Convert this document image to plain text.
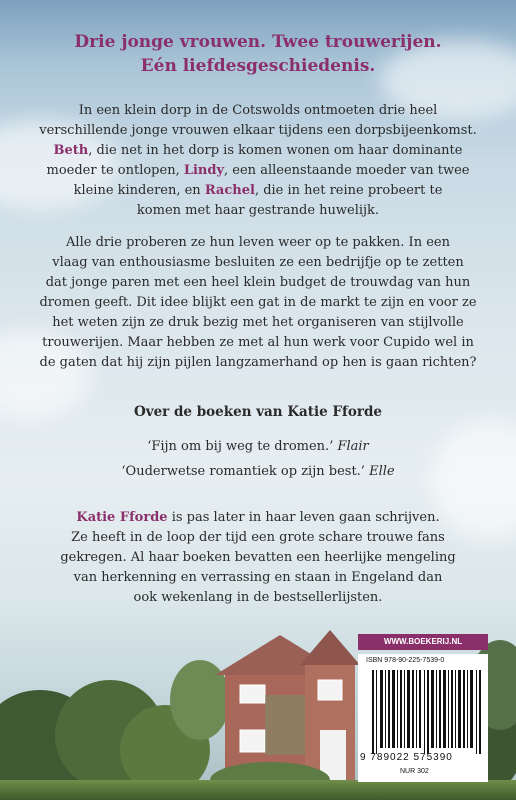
Drie jonge vrouwen. Twee trouwerijen.
Eén liefdesgeschiedenis.
In een klein dorp in de Cotswolds ontmoeten drie heel
verschillende jonge vrouwen elkaar tijdens een dorpsbijeenkomst.
Beth, die net in het dorp is komen wonen om haar dominante
moeder te ontlopen, Lindy, een alleenstaande moeder van twee
kleine kinderen, en Rachel, die in het reine probeert te
komen met haar gestrande huwelijk.
Alle drie proberen ze hun leven weer op te pakken. In een
vlaag van enthousiasme besluiten ze een bedrijfje op te zetten
dat jonge paren met een heel klein budget de trouwdag van hun
dromen geeft. Dit idee blijkt een gat in de markt te zijn en voor ze
het weten zijn ze druk bezig met het organiseren van stijlvolle
trouwerijen. Maar hebben ze met al hun werk voor Cupido wel in
de gaten dat hij zijn pijlen langzamerhand op hen is gaan richten?
Over de boeken van Katie Fforde
‘Fijn om bij weg te dromen.’ Flair
‘Ouderwetse romantiek op zijn best.’ Elle
Katie Fforde is pas later in haar leven gaan schrijven.
Ze heeft in de loop der tijd een grote schare trouwe fans
gekregen. Al haar boeken bevatten een heerlijke mengeling
van herkenning en verrassing en staan in Engeland dan
ook wekenlang in de bestsellerlijsten.
WWW.BOEKERIJ.NL
ISBN 978-90-225-7539-0
9 789022 575390
NUR 302
